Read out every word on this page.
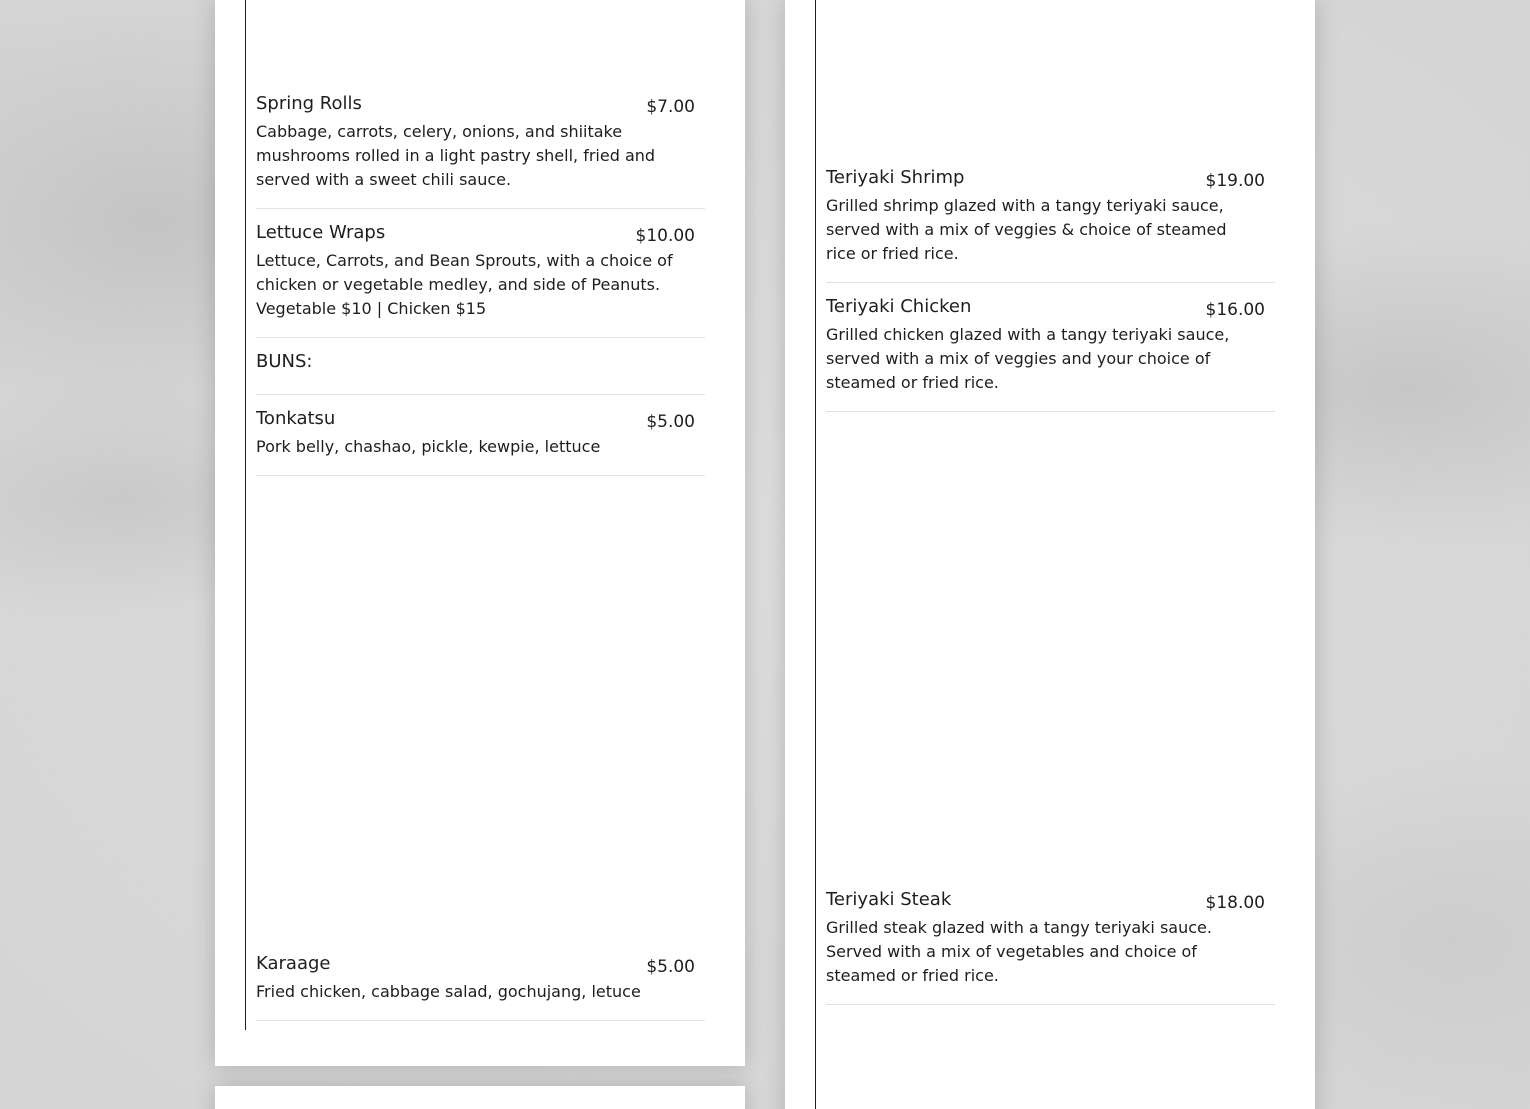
Spring Rolls	$7.00
Cabbage, carrots, celery, onions, and shiitake mushrooms rolled in a light pastry shell, fried and served with a sweet chili sauce.
Lettuce Wraps	$10.00
Lettuce, Carrots, and Bean Sprouts, with a choice of chicken or vegetable medley, and side of Peanuts. Vegetable $10 | Chicken $15
BUNS:
Tonkatsu	$5.00
Pork belly, chashao, pickle, kewpie, lettuce
Karaage	$5.00
Fried chicken, cabbage salad, gochujang, letuce
Teriyaki Shrimp	$19.00
Grilled shrimp glazed with a tangy teriyaki sauce, served with a mix of veggies & choice of steamed rice or fried rice.
Teriyaki Chicken	$16.00
Grilled chicken glazed with a tangy teriyaki sauce, served with a mix of veggies and your choice of steamed or fried rice.
Teriyaki Steak	$18.00
Grilled steak glazed with a tangy teriyaki sauce. Served with a mix of vegetables and choice of steamed or fried rice.
